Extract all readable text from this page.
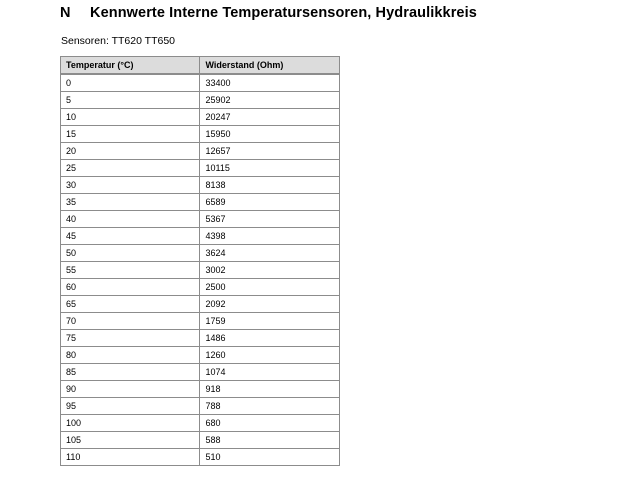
N Kennwerte Interne Temperatursensoren, Hydraulikkreis
Sensoren: TT620 TT650
Temperatur (°C)	Widerstand (Ohm)
0	33400
5	25902
10	20247
15	15950
20	12657
25	10115
30	8138
35	6589
40	5367
45	4398
50	3624
55	3002
60	2500
65	2092
70	1759
75	1486
80	1260
85	1074
90	918
95	788
100	680
105	588
110	510
